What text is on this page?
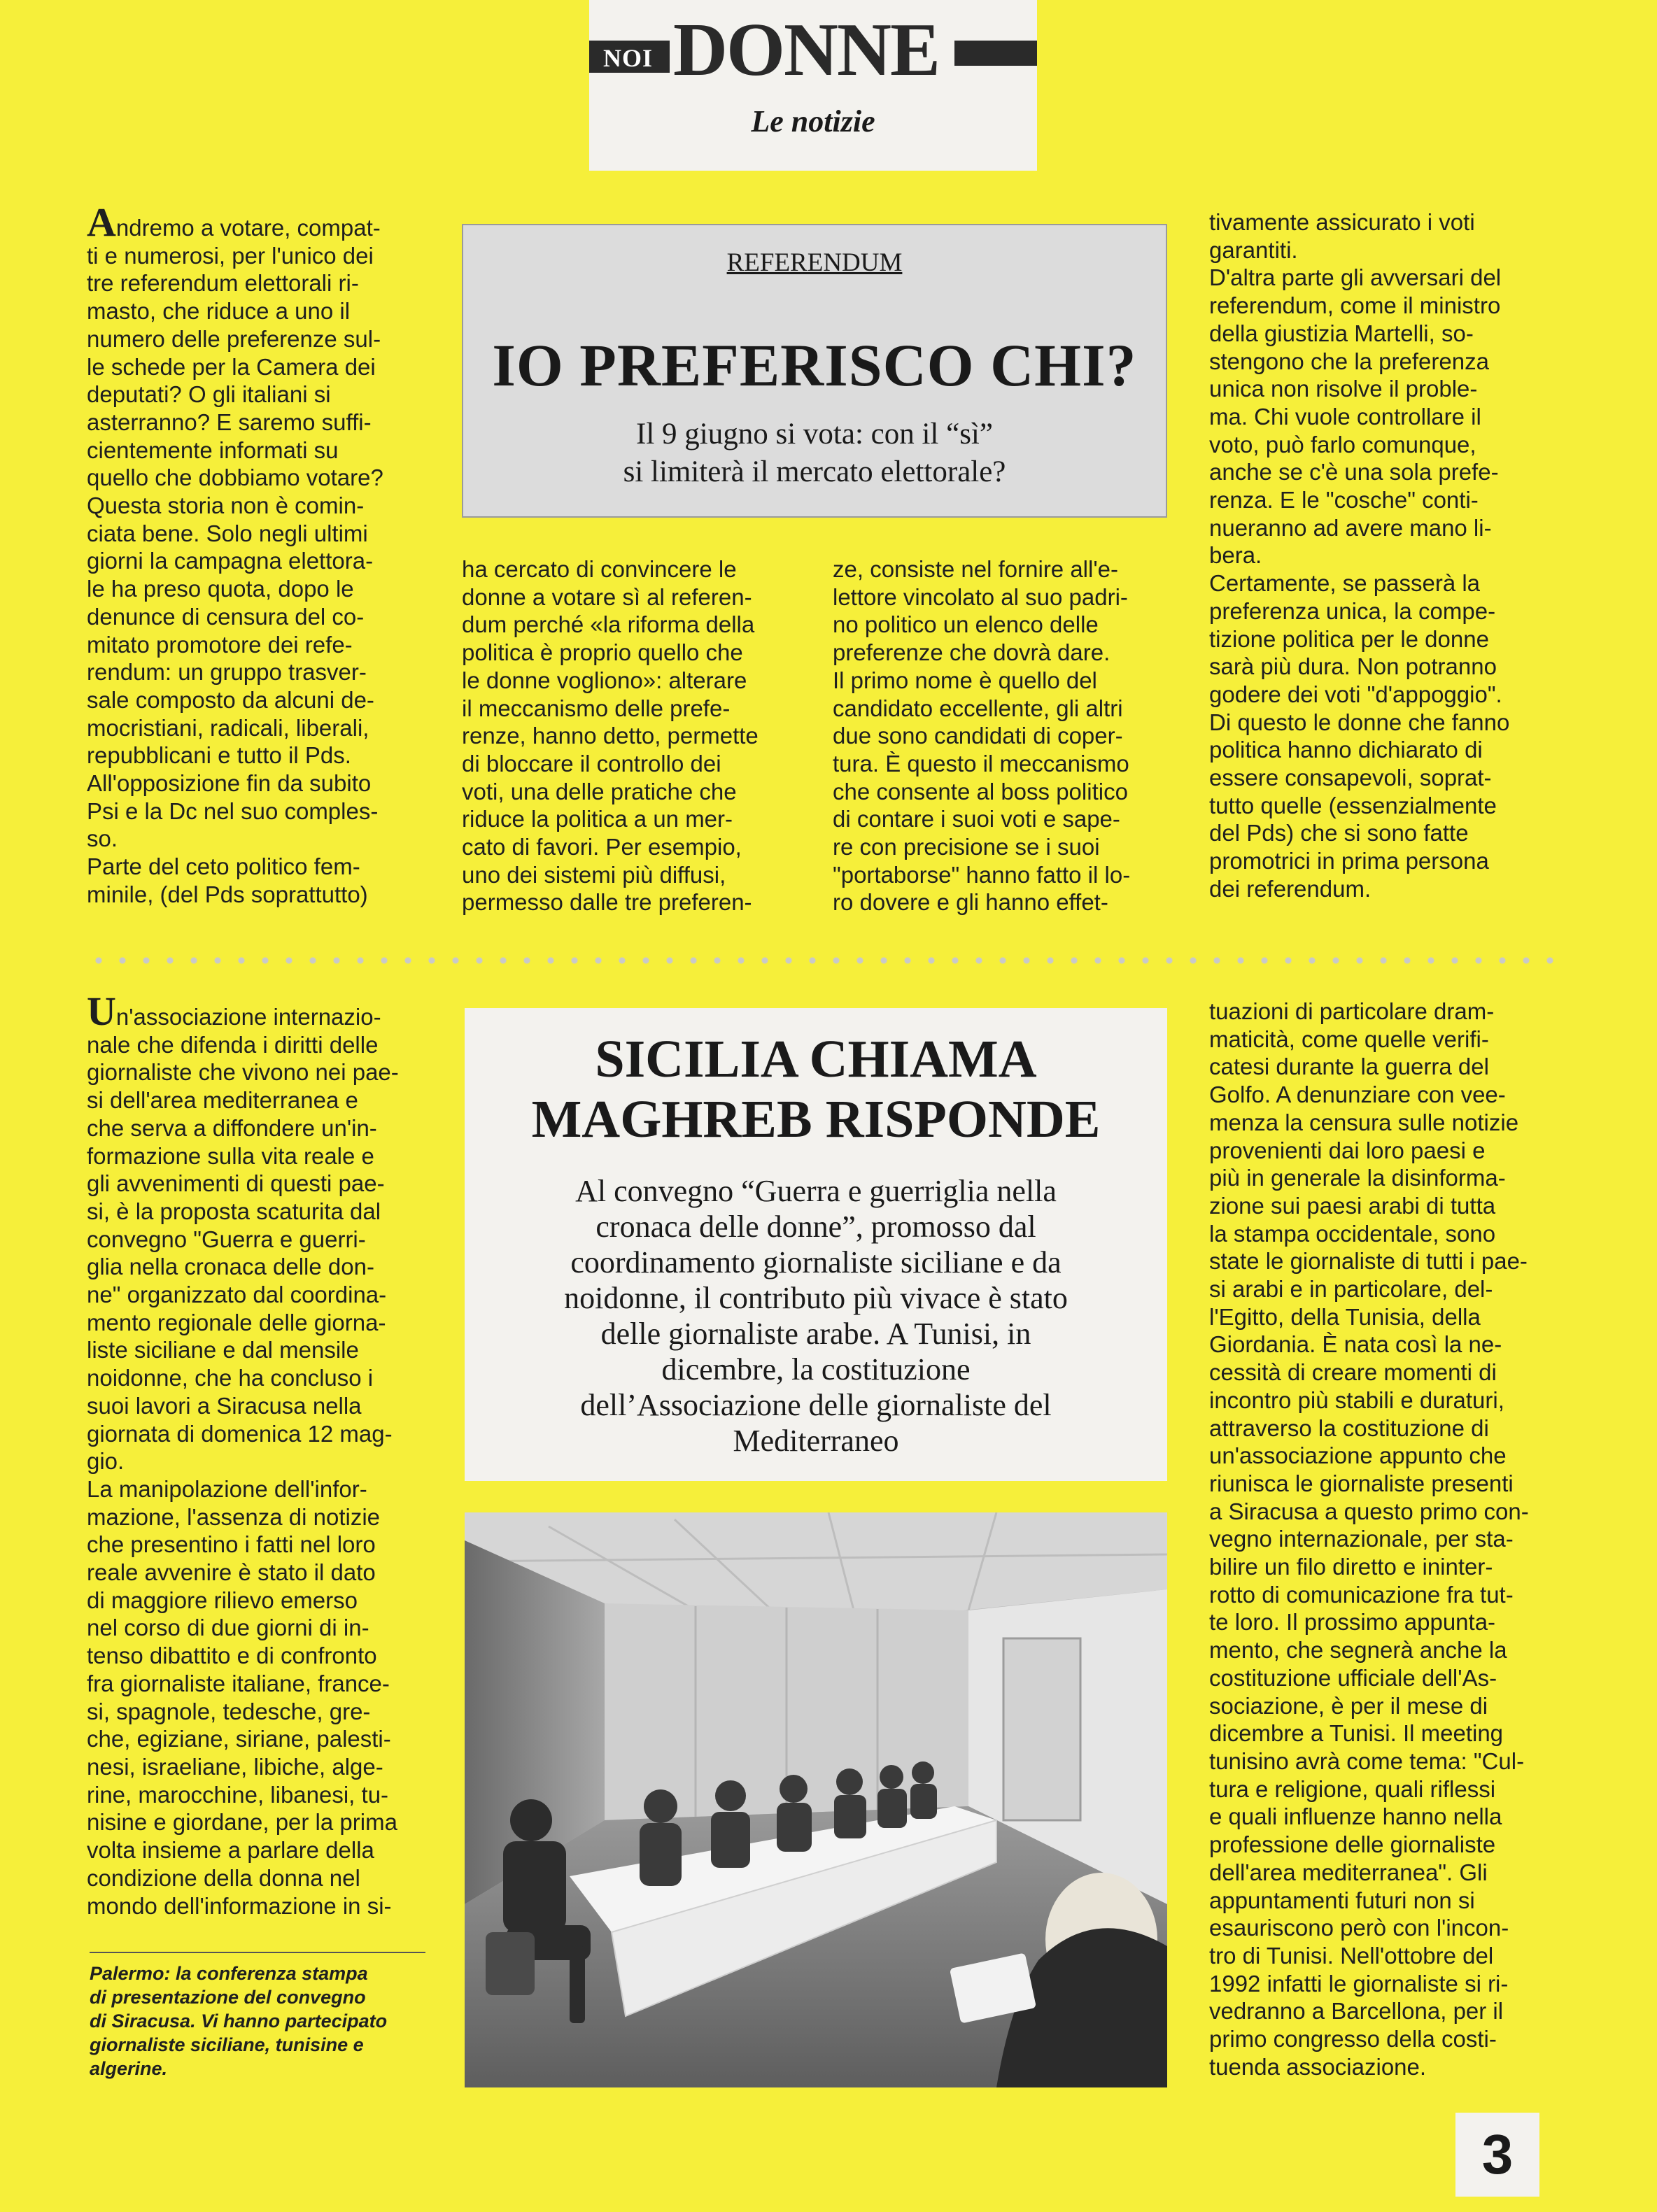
NOI DONNE
Le notizie
Andremo a votare, compat-
ti e numerosi, per l'unico dei
tre referendum elettorali ri-
masto, che riduce a uno il
numero delle preferenze sul-
le schede per la Camera dei
deputati? O gli italiani si
asterranno? E saremo suffi-
cientemente informati su
quello che dobbiamo votare?
Questa storia non è comin-
ciata bene. Solo negli ultimi
giorni la campagna elettora-
le ha preso quota, dopo le
denunce di censura del co-
mitato promotore dei refe-
rendum: un gruppo trasver-
sale composto da alcuni de-
mocristiani, radicali, liberali,
repubblicani e tutto il Pds.
All'opposizione fin da subito
Psi e la Dc nel suo comples-
so.
Parte del ceto politico fem-
minile, (del Pds soprattutto)
REFERENDUM
IO PREFERISCO CHI?
Il 9 giugno si vota: con il “sì”
si limiterà il mercato elettorale?
ha cercato di convincere le
donne a votare sì al referen-
dum perché «la riforma della
politica è proprio quello che
le donne vogliono»: alterare
il meccanismo delle prefe-
renze, hanno detto, permette
di bloccare il controllo dei
voti, una delle pratiche che
riduce la politica a un mer-
cato di favori. Per esempio,
uno dei sistemi più diffusi,
permesso dalle tre preferen-
ze, consiste nel fornire all'e-
lettore vincolato al suo padri-
no politico un elenco delle
preferenze che dovrà dare.
Il primo nome è quello del
candidato eccellente, gli altri
due sono candidati di coper-
tura. È questo il meccanismo
che consente al boss politico
di contare i suoi voti e sape-
re con precisione se i suoi
"portaborse" hanno fatto il lo-
ro dovere e gli hanno effet-
tivamente assicurato i voti
garantiti.
D'altra parte gli avversari del
referendum, come il ministro
della giustizia Martelli, so-
stengono che la preferenza
unica non risolve il proble-
ma. Chi vuole controllare il
voto, può farlo comunque,
anche se c'è una sola prefe-
renza. E le "cosche" conti-
nueranno ad avere mano li-
bera.
Certamente, se passerà la
preferenza unica, la compe-
tizione politica per le donne
sarà più dura. Non potranno
godere dei voti "d'appoggio".
Di questo le donne che fanno
politica hanno dichiarato di
essere consapevoli, soprat-
tutto quelle (essenzialmente
del Pds) che si sono fatte
promotrici in prima persona
dei referendum.
Un'associazione internazio-
nale che difenda i diritti delle
giornaliste che vivono nei pae-
si dell'area mediterranea e
che serva a diffondere un'in-
formazione sulla vita reale e
gli avvenimenti di questi pae-
si, è la proposta scaturita dal
convegno "Guerra e guerri-
glia nella cronaca delle don-
ne" organizzato dal coordina-
mento regionale delle giorna-
liste siciliane e dal mensile
noidonne, che ha concluso i
suoi lavori a Siracusa nella
giornata di domenica 12 mag-
gio.
La manipolazione dell'infor-
mazione, l'assenza di notizie
che presentino i fatti nel loro
reale avvenire è stato il dato
di maggiore rilievo emerso
nel corso di due giorni di in-
tenso dibattito e di confronto
fra giornaliste italiane, france-
si, spagnole, tedesche, gre-
che, egiziane, siriane, palesti-
nesi, israeliane, libiche, alge-
rine, marocchine, libanesi, tu-
nisine e giordane, per la prima
volta insieme a parlare della
condizione della donna nel
mondo dell'informazione in si-
SICILIA CHIAMA
MAGHREB RISPONDE
Al convegno “Guerra e guerriglia nella
cronaca delle donne”, promosso dal
coordinamento giornaliste siciliane e da
noidonne, il contributo più vivace è stato
delle giornaliste arabe. A Tunisi, in
dicembre, la costituzione
dell’Associazione delle giornaliste del
Mediterraneo
tuazioni di particolare dram-
maticità, come quelle verifi-
catesi durante la guerra del
Golfo. A denunziare con vee-
menza la censura sulle notizie
provenienti dai loro paesi e
più in generale la disinforma-
zione sui paesi arabi di tutta
la stampa occidentale, sono
state le giornaliste di tutti i pae-
si arabi e in particolare, del-
l'Egitto, della Tunisia, della
Giordania. È nata così la ne-
cessità di creare momenti di
incontro più stabili e duraturi,
attraverso la costituzione di
un'associazione appunto che
riunisca le giornaliste presenti
a Siracusa a questo primo con-
vegno internazionale, per sta-
bilire un filo diretto e ininter-
rotto di comunicazione fra tut-
te loro. Il prossimo appunta-
mento, che segnerà anche la
costituzione ufficiale dell'As-
sociazione, è per il mese di
dicembre a Tunisi. Il meeting
tunisino avrà come tema: "Cul-
tura e religione, quali riflessi
e quali influenze hanno nella
professione delle giornaliste
dell'area mediterranea". Gli
appuntamenti futuri non si
esauriscono però con l'incon-
tro di Tunisi. Nell'ottobre del
1992 infatti le giornaliste si ri-
vedranno a Barcellona, per il
primo congresso della costi-
tuenda associazione.
Palermo: la conferenza stampa
di presentazione del convegno
di Siracusa. Vi hanno partecipato
giornaliste siciliane, tunisine e
algerine.
3
